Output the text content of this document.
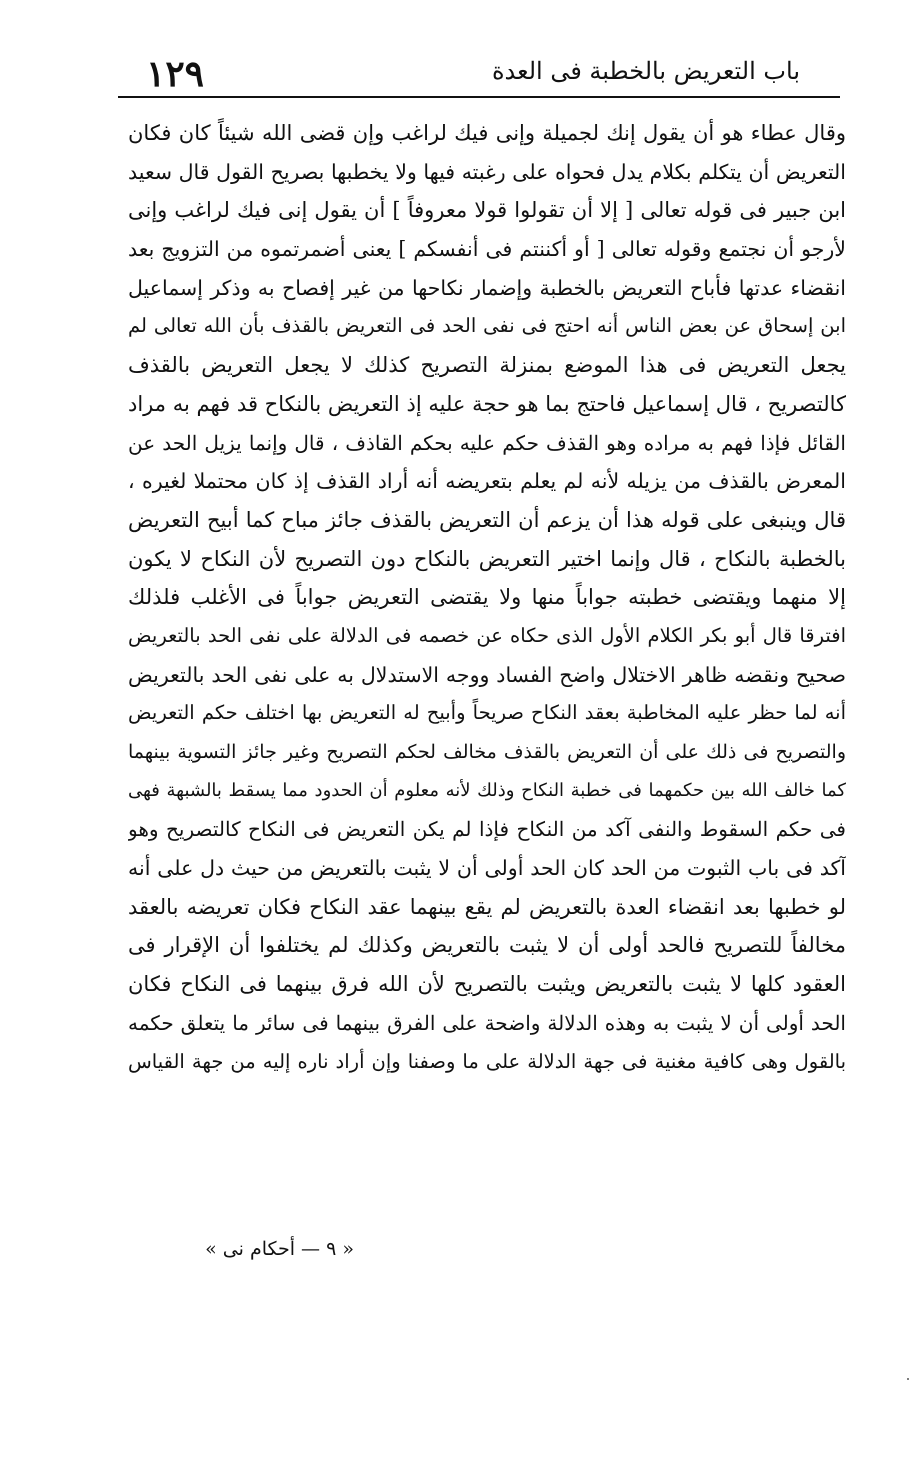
١٢٩	باب التعريض بالخطبة فى العدة
وقال عطاء هو أن يقول إنك لجميلة وإنى فيك لراغب وإن قضى الله شيئاً كان فكان
التعريض أن يتكلم بكلام يدل فحواه على رغبته فيها ولا يخطبها بصريح القول قال سعيد
ابن جبير فى قوله تعالى [ إلا أن تقولوا قولا معروفاً ] أن يقول إنى فيك لراغب وإنى
لأرجو أن نجتمع وقوله تعالى [ أو أكننتم فى أنفسكم ] يعنى أضمرتموه من التزويج بعد
انقضاء عدتها فأباح التعريض بالخطبة وإضمار نكاحها من غير إفصاح به وذكر إسماعيل
ابن إسحاق عن بعض الناس أنه احتج فى نفى الحد فى التعريض بالقذف بأن الله تعالى لم
يجعل التعريض فى هذا الموضع بمنزلة التصريح كذلك لا يجعل التعريض بالقذف
كالتصريح ، قال إسماعيل فاحتج بما هو حجة عليه إذ التعريض بالنكاح قد فهم به مراد
القائل فإذا فهم به مراده وهو القذف حكم عليه بحكم القاذف ، قال وإنما يزيل الحد عن
المعرض بالقذف من يزيله لأنه لم يعلم بتعريضه أنه أراد القذف إذ كان محتملا لغيره ،
قال وينبغى على قوله هذا أن يزعم أن التعريض بالقذف جائز مباح كما أبيح التعريض
بالخطبة بالنكاح ، قال وإنما اختير التعريض بالنكاح دون التصريح لأن النكاح لا يكون
إلا منهما ويقتضى خطبته جواباً منها ولا يقتضى التعريض جواباً فى الأغلب فلذلك
افترقا قال أبو بكر الكلام الأول الذى حكاه عن خصمه فى الدلالة على نفى الحد بالتعريض
صحيح ونقضه ظاهر الاختلال واضح الفساد ووجه الاستدلال به على نفى الحد بالتعريض
أنه لما حظر عليه المخاطبة بعقد النكاح صريحاً وأبيح له التعريض بها اختلف حكم التعريض
والتصريح فى ذلك على أن التعريض بالقذف مخالف لحكم التصريح وغير جائز التسوية بينهما
كما خالف الله بين حكمهما فى خطبة النكاح وذلك لأنه معلوم أن الحدود مما يسقط بالشبهة فهى
فى حكم السقوط والنفى آكد من النكاح فإذا لم يكن التعريض فى النكاح كالتصريح وهو
آكد فى باب الثبوت من الحد كان الحد أولى أن لا يثبت بالتعريض من حيث دل على أنه
لو خطبها بعد انقضاء العدة بالتعريض لم يقع بينهما عقد النكاح فكان تعريضه بالعقد
مخالفاً للتصريح فالحد أولى أن لا يثبت بالتعريض وكذلك لم يختلفوا أن الإقرار فى
العقود كلها لا يثبت بالتعريض ويثبت بالتصريح لأن الله فرق بينهما فى النكاح فكان
الحد أولى أن لا يثبت به وهذه الدلالة واضحة على الفرق بينهما فى سائر ما يتعلق حكمه
بالقول وهى كافية مغنية فى جهة الدلالة على ما وصفنا وإن أراد ناره إليه من جهة القياس
« ٩ — أحكام نى »
